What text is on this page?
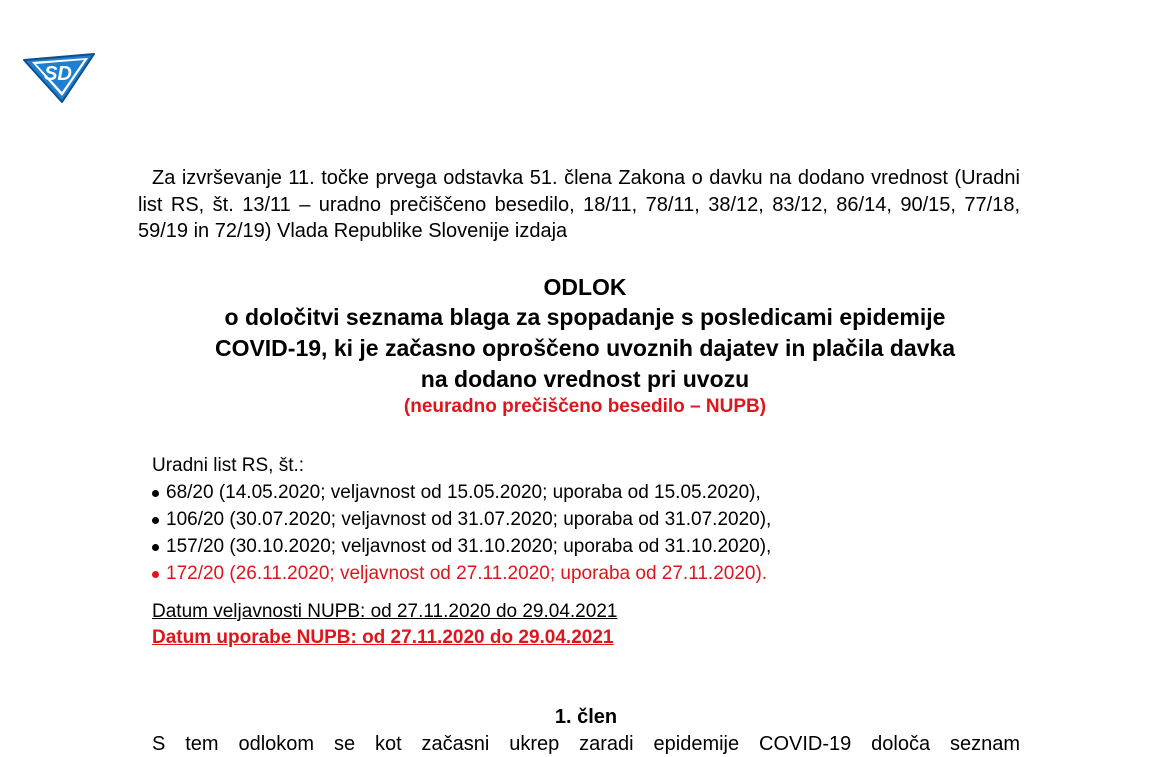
SD
Za izvrševanje 11. točke prvega odstavka 51. člena Zakona o davku na dodano vrednost (Uradni list RS, št. 13/11 – uradno prečiščeno besedilo, 18/11, 78/11, 38/12, 83/12, 86/14, 90/15, 77/18, 59/19 in 72/19) Vlada Republike Slovenije izdaja

ODLOK

o določitvi seznama blaga za spopadanje s posledicami epidemije

COVID-19, ki je začasno oproščeno uvoznih dajatev in plačila davka

na dodano vrednost pri uvozu

(neuradno prečiščeno besedilo – NUPB)

Uradni list RS, št.:
68/20 (14.05.2020; veljavnost od 15.05.2020; uporaba od 15.05.2020),
106/20 (30.07.2020; veljavnost od 31.07.2020; uporaba od 31.07.2020),
157/20 (30.10.2020; veljavnost od 31.10.2020; uporaba od 31.10.2020),
172/20 (26.11.2020; veljavnost od 27.11.2020; uporaba od 27.11.2020).
Datum veljavnosti NUPB: od 27.11.2020 do 29.04.2021
Datum uporabe NUPB: od 27.11.2020 do 29.04.2021
1. člen
S tem odlokom se kot začasni ukrep zaradi epidemije COVID-19 določa seznam
